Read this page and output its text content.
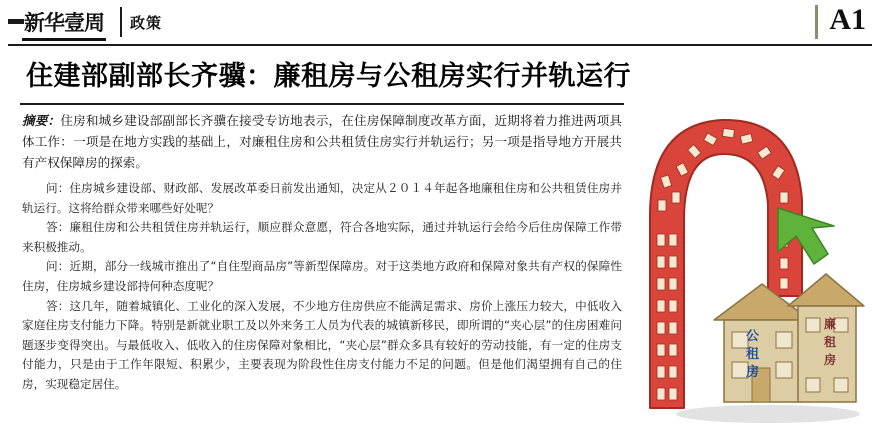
新华壹周 政策	A1
住建部副部长齐骥：廉租房与公租房实行并轨运行

摘要：住房和城乡建设部副部长齐骥在接受专访地表示，在住房保障制度改革方面，近期将着力推进两项具体工作：一项是在地方实践的基础上，对廉租住房和公共租赁住房实行并轨运行；另一项是指导地方开展共有产权保障房的探索。

问：住房城乡建设部、财政部、发展改革委日前发出通知，决定从２０１４年起各地廉租住房和公共租赁住房并轨运行。这将给群众带来哪些好处呢？

答：廉租住房和公共租赁住房并轨运行，顺应群众意愿，符合各地实际，通过并轨运行会给今后住房保障工作带来积极推动。

问：近期，部分一线城市推出了“自住型商品房”等新型保障房。对于这类地方政府和保障对象共有产权的保障性住房，住房城乡建设部持何种态度呢？

答：这几年，随着城镇化、工业化的深入发展，不少地方住房供应不能满足需求、房价上涨压力较大，中低收入家庭住房支付能力下降。特别是新就业职工及以外来务工人员为代表的城镇新移民，即所谓的“夹心层”的住房困难问题逐步变得突出。与最低收入、低收入的住房保障对象相比，“夹心层”群众多具有较好的劳动技能，有一定的住房支付能力，只是由于工作年限短、积累少，主要表现为阶段性住房支付能力不足的问题。但是他们渴望拥有自己的住房，实现稳定居住。

公
租
房
廉
租
房
